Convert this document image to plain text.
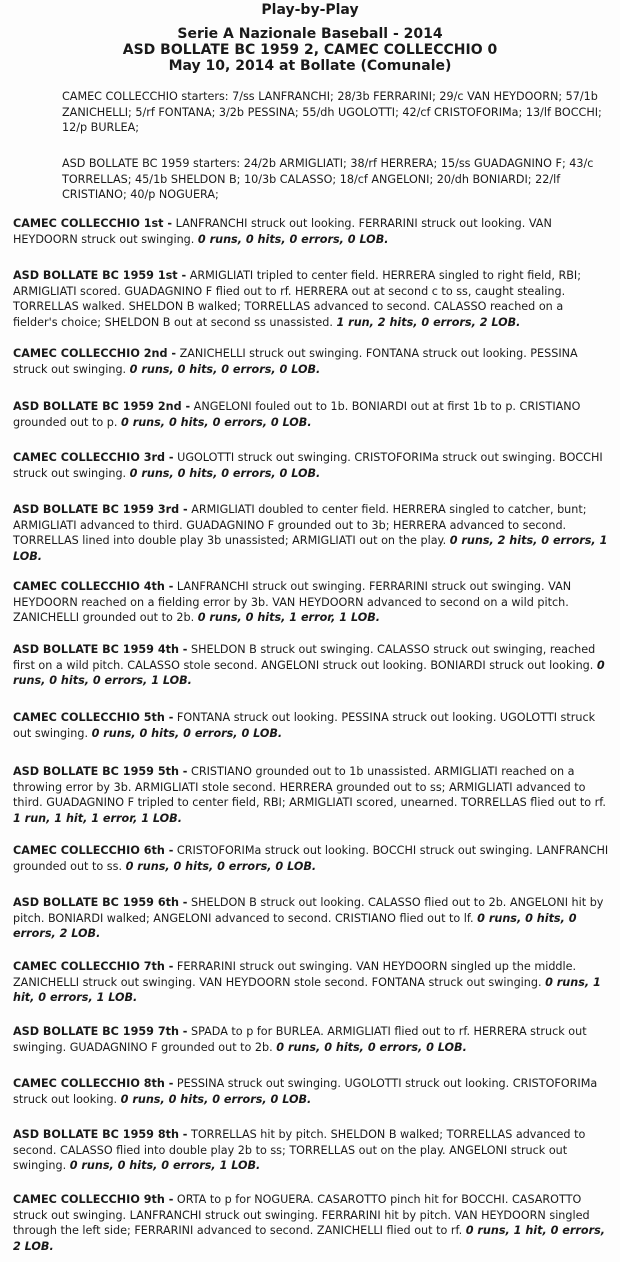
Play-by-Play
Serie A Nazionale Baseball - 2014
ASD BOLLATE BC 1959 2, CAMEC COLLECCHIO 0
May 10, 2014 at Bollate (Comunale)
CAMEC COLLECCHIO starters: 7/ss LANFRANCHI; 28/3b FERRARINI; 29/c VAN HEYDOORN; 57/1b ZANICHELLI; 5/rf FONTANA; 3/2b PESSINA; 55/dh UGOLOTTI; 42/cf CRISTOFORIMa; 13/lf BOCCHI; 12/p BURLEA;
ASD BOLLATE BC 1959 starters: 24/2b ARMIGLIATI; 38/rf HERRERA; 15/ss GUADAGNINO F; 43/c TORRELLAS; 45/1b SHELDON B; 10/3b CALASSO; 18/cf ANGELONI; 20/dh BONIARDI; 22/lf CRISTIANO; 40/p NOGUERA;
CAMEC COLLECCHIO 1st - LANFRANCHI struck out looking. FERRARINI struck out looking. VAN HEYDOORN struck out swinging. 0 runs, 0 hits, 0 errors, 0 LOB.
ASD BOLLATE BC 1959 1st - ARMIGLIATI tripled to center field. HERRERA singled to right field, RBI; ARMIGLIATI scored. GUADAGNINO F flied out to rf. HERRERA out at second c to ss, caught stealing. TORRELLAS walked. SHELDON B walked; TORRELLAS advanced to second. CALASSO reached on a fielder's choice; SHELDON B out at second ss unassisted. 1 run, 2 hits, 0 errors, 2 LOB.
CAMEC COLLECCHIO 2nd - ZANICHELLI struck out swinging. FONTANA struck out looking. PESSINA struck out swinging. 0 runs, 0 hits, 0 errors, 0 LOB.
ASD BOLLATE BC 1959 2nd - ANGELONI fouled out to 1b. BONIARDI out at first 1b to p. CRISTIANO grounded out to p. 0 runs, 0 hits, 0 errors, 0 LOB.
CAMEC COLLECCHIO 3rd - UGOLOTTI struck out swinging. CRISTOFORIMa struck out swinging. BOCCHI struck out swinging. 0 runs, 0 hits, 0 errors, 0 LOB.
ASD BOLLATE BC 1959 3rd - ARMIGLIATI doubled to center field. HERRERA singled to catcher, bunt; ARMIGLIATI advanced to third. GUADAGNINO F grounded out to 3b; HERRERA advanced to second. TORRELLAS lined into double play 3b unassisted; ARMIGLIATI out on the play. 0 runs, 2 hits, 0 errors, 1 LOB.
CAMEC COLLECCHIO 4th - LANFRANCHI struck out swinging. FERRARINI struck out swinging. VAN HEYDOORN reached on a fielding error by 3b. VAN HEYDOORN advanced to second on a wild pitch. ZANICHELLI grounded out to 2b. 0 runs, 0 hits, 1 error, 1 LOB.
ASD BOLLATE BC 1959 4th - SHELDON B struck out swinging. CALASSO struck out swinging, reached first on a wild pitch. CALASSO stole second. ANGELONI struck out looking. BONIARDI struck out looking. 0 runs, 0 hits, 0 errors, 1 LOB.
CAMEC COLLECCHIO 5th - FONTANA struck out looking. PESSINA struck out looking. UGOLOTTI struck out swinging. 0 runs, 0 hits, 0 errors, 0 LOB.
ASD BOLLATE BC 1959 5th - CRISTIANO grounded out to 1b unassisted. ARMIGLIATI reached on a throwing error by 3b. ARMIGLIATI stole second. HERRERA grounded out to ss; ARMIGLIATI advanced to third. GUADAGNINO F tripled to center field, RBI; ARMIGLIATI scored, unearned. TORRELLAS flied out to rf. 1 run, 1 hit, 1 error, 1 LOB.
CAMEC COLLECCHIO 6th - CRISTOFORIMa struck out looking. BOCCHI struck out swinging. LANFRANCHI grounded out to ss. 0 runs, 0 hits, 0 errors, 0 LOB.
ASD BOLLATE BC 1959 6th - SHELDON B struck out looking. CALASSO flied out to 2b. ANGELONI hit by pitch. BONIARDI walked; ANGELONI advanced to second. CRISTIANO flied out to lf. 0 runs, 0 hits, 0 errors, 2 LOB.
CAMEC COLLECCHIO 7th - FERRARINI struck out swinging. VAN HEYDOORN singled up the middle. ZANICHELLI struck out swinging. VAN HEYDOORN stole second. FONTANA struck out swinging. 0 runs, 1 hit, 0 errors, 1 LOB.
ASD BOLLATE BC 1959 7th - SPADA to p for BURLEA. ARMIGLIATI flied out to rf. HERRERA struck out swinging. GUADAGNINO F grounded out to 2b. 0 runs, 0 hits, 0 errors, 0 LOB.
CAMEC COLLECCHIO 8th - PESSINA struck out swinging. UGOLOTTI struck out looking. CRISTOFORIMa struck out looking. 0 runs, 0 hits, 0 errors, 0 LOB.
ASD BOLLATE BC 1959 8th - TORRELLAS hit by pitch. SHELDON B walked; TORRELLAS advanced to second. CALASSO flied into double play 2b to ss; TORRELLAS out on the play. ANGELONI struck out swinging. 0 runs, 0 hits, 0 errors, 1 LOB.
CAMEC COLLECCHIO 9th - ORTA to p for NOGUERA. CASAROTTO pinch hit for BOCCHI. CASAROTTO struck out swinging. LANFRANCHI struck out swinging. FERRARINI hit by pitch. VAN HEYDOORN singled through the left side; FERRARINI advanced to second. ZANICHELLI flied out to rf. 0 runs, 1 hit, 0 errors, 2 LOB.
